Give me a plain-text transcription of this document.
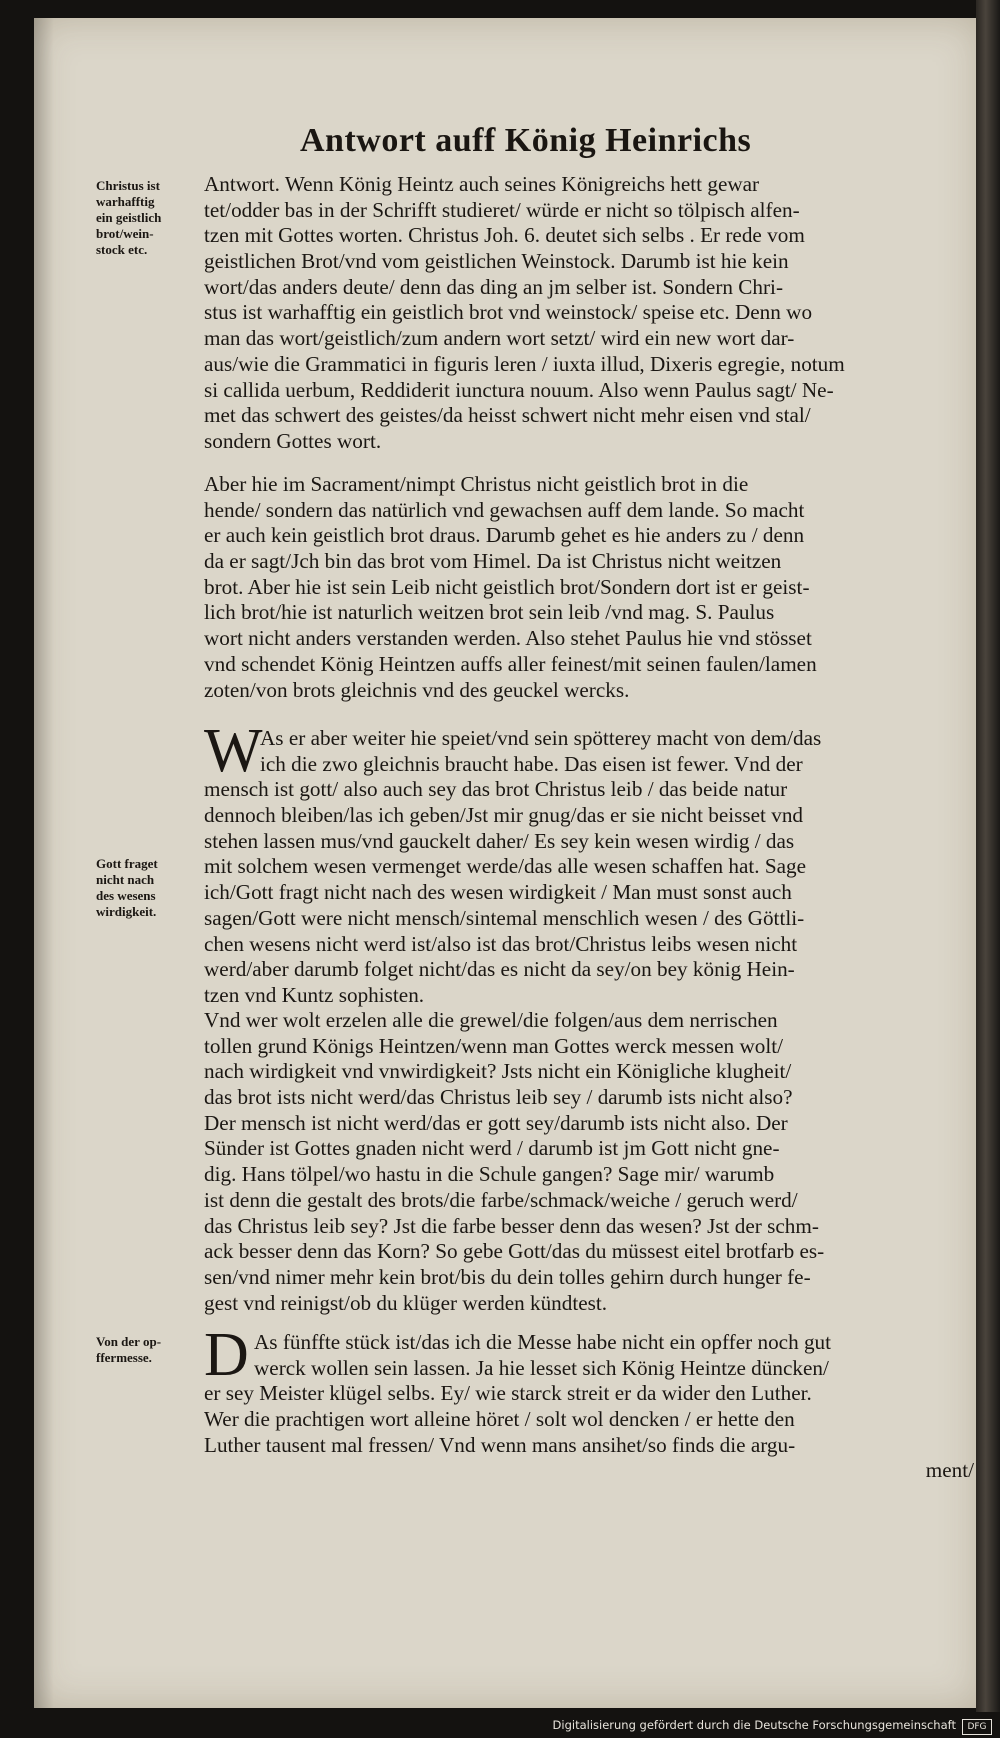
Antwort auff König Heinrichs
Christus ist
warhafftig
ein geistlich
brot/wein-
stock etc.
Gott fraget
nicht nach
des wesens
wirdigkeit.
Von der op-
ffermesse.
Antwort. Wenn König Heintz auch seines Königreichs hett gewar
tet/odder bas in der Schrifft studieret/ würde er nicht so tölpisch alfen-
tzen mit Gottes worten. Christus Joh. 6. deutet sich selbs . Er rede vom
geistlichen Brot/vnd vom geistlichen Weinstock. Darumb ist hie kein
wort/das anders deute/ denn das ding an jm selber ist. Sondern Chri-
stus ist warhafftig ein geistlich brot vnd weinstock/ speise etc. Denn wo
man das wort/geistlich/zum andern wort setzt/ wird ein new wort dar-
aus/wie die Grammatici in figuris leren / iuxta illud, Dixeris egregie, notum
si callida uerbum, Reddiderit iunctura nouum. Also wenn Paulus sagt/ Ne-
met das schwert des geistes/da heisst schwert nicht mehr eisen vnd stal/
sondern Gottes wort.
Aber hie im Sacrament/nimpt Christus nicht geistlich brot in die
hende/ sondern das natürlich vnd gewachsen auff dem lande. So macht
er auch kein geistlich brot draus. Darumb gehet es hie anders zu / denn
da er sagt/Jch bin das brot vom Himel. Da ist Christus nicht weitzen
brot. Aber hie ist sein Leib nicht geistlich brot/Sondern dort ist er geist-
lich brot/hie ist naturlich weitzen brot sein leib /vnd mag. S. Paulus
wort nicht anders verstanden werden. Also stehet Paulus hie vnd stösset
vnd schendet König Heintzen auffs aller feinest/mit seinen faulen/lamen
zoten/von brots gleichnis vnd des geuckel wercks.
W
As er aber weiter hie speiet/vnd sein spötterey macht von dem/das
ich die zwo gleichnis braucht habe. Das eisen ist fewer. Vnd der
mensch ist gott/ also auch sey das brot Christus leib / das beide natur
dennoch bleiben/las ich geben/Jst mir gnug/das er sie nicht beisset vnd
stehen lassen mus/vnd gauckelt daher/ Es sey kein wesen wirdig / das
mit solchem wesen vermenget werde/das alle wesen schaffen hat. Sage
ich/Gott fragt nicht nach des wesen wirdigkeit / Man must sonst auch
sagen/Gott were nicht mensch/sintemal menschlich wesen / des Göttli-
chen wesens nicht werd ist/also ist das brot/Christus leibs wesen nicht
werd/aber darumb folget nicht/das es nicht da sey/on bey könig Hein-
tzen vnd Kuntz sophisten.
Vnd wer wolt erzelen alle die grewel/die folgen/aus dem nerrischen
tollen grund Königs Heintzen/wenn man Gottes werck messen wolt/
nach wirdigkeit vnd vnwirdigkeit? Jsts nicht ein Königliche klugheit/
das brot ists nicht werd/das Christus leib sey / darumb ists nicht also?
Der mensch ist nicht werd/das er gott sey/darumb ists nicht also. Der
Sünder ist Gottes gnaden nicht werd / darumb ist jm Gott nicht gne-
dig. Hans tölpel/wo hastu in die Schule gangen? Sage mir/ warumb
ist denn die gestalt des brots/die farbe/schmack/weiche / geruch werd/
das Christus leib sey? Jst die farbe besser denn das wesen? Jst der schm-
ack besser denn das Korn? So gebe Gott/das du müssest eitel brotfarb es-
sen/vnd nimer mehr kein brot/bis du dein tolles gehirn durch hunger fe-
gest vnd reinigst/ob du klüger werden kündtest.
D As fünffte stück ist/das ich die Messe habe nicht ein opffer noch gut
werck wollen sein lassen. Ja hie lesset sich König Heintze düncken/
er sey Meister klügel selbs. Ey/ wie starck streit er da wider den Luther.
Wer die prachtigen wort alleine höret / solt wol dencken / er hette den
Luther tausent mal fressen/ Vnd wenn mans ansihet/so finds die argu-
ment/
Digitalisierung gefördert durch die Deutsche Forschungsgemeinschaft	DFG
